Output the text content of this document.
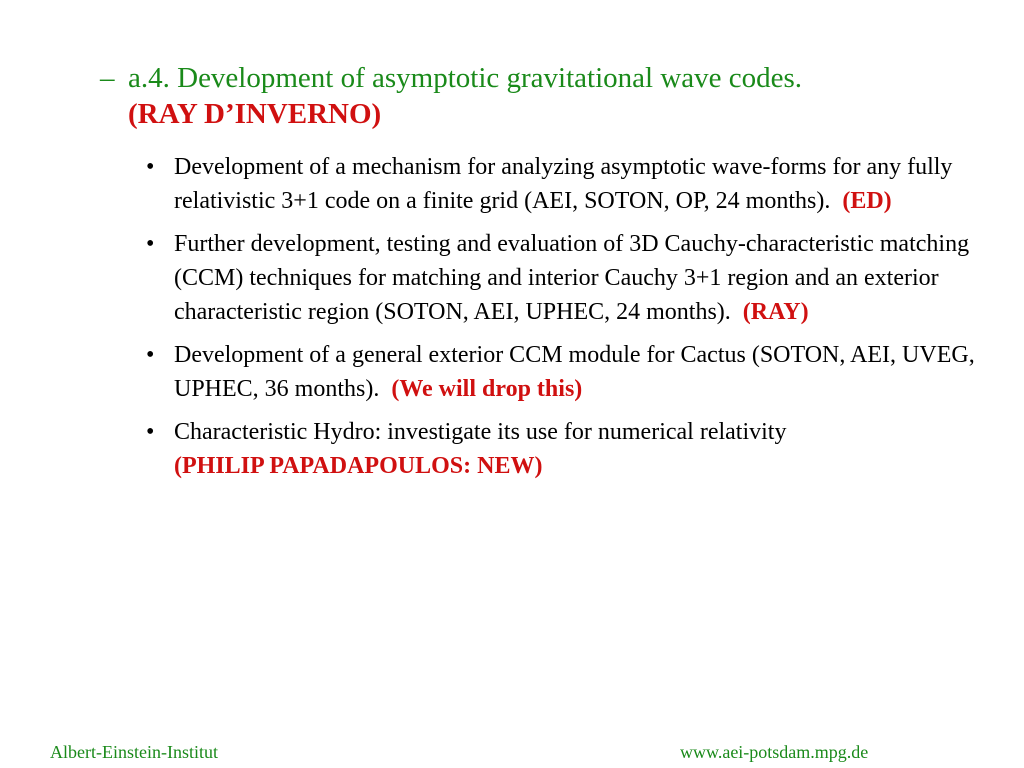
– a.4. Development of asymptotic gravitational wave codes.
(RAY D’INVERNO)
• Development of a mechanism for analyzing asymptotic wave-forms for any fully relativistic 3+1 code on a finite grid (AEI, SOTON, OP, 24 months). (ED)
• Further development, testing and evaluation of 3D Cauchy-characteristic matching (CCM) techniques for matching and interior Cauchy 3+1 region and an exterior characteristic region (SOTON, AEI, UPHEC, 24 months). (RAY)
• Development of a general exterior CCM module for Cactus (SOTON, AEI, UVEG, UPHEC, 36 months). (We will drop this)
• Characteristic Hydro: investigate its use for numerical relativity
(PHILIP PAPADAPOULOS: NEW)
Albert-Einstein-Institut	www.aei-potsdam.mpg.de
